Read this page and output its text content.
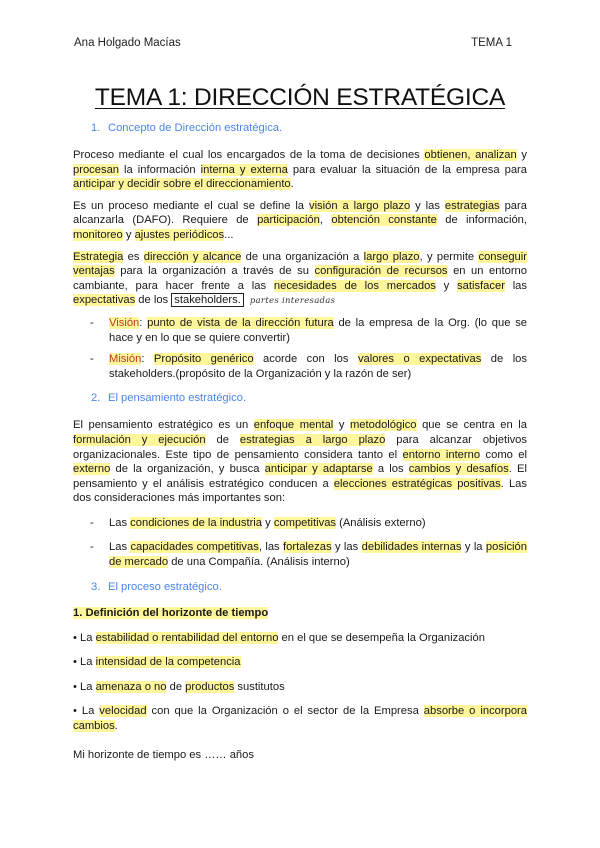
Ana Holgado Macías	TEMA 1
TEMA 1: DIRECCIÓN ESTRATÉGICA
1. Concepto de Dirección estratégica.

Proceso mediante el cual los encargados de la toma de decisiones obtienen, analizan y procesan la información interna y externa para evaluar la situación de la empresa para anticipar y decidir sobre el direccionamiento.

Es un proceso mediante el cual se define la visión a largo plazo y las estrategias para alcanzarla (DAFO). Requiere de participación, obtención constante de información, monitoreo y ajustes periódicos...

Estrategia es dirección y alcance de una organización a largo plazo, y permite conseguir ventajas para la organización a través de su configuración de recursos en un entorno cambiante, para hacer frente a las necesidades de los mercados y satisfacer las expectativas de los stakeholders. partes interesadas

-	Visión: punto de vista de la dirección futura de la empresa de la Org. (lo que se hace y en lo que se quiere convertir)
-	Misión: Propósito genérico acorde con los valores o expectativas de los stakeholders.(propósito de la Organización y la razón de ser)
2. El pensamiento estratégico.

El pensamiento estratégico es un enfoque mental y metodológico que se centra en la formulación y ejecución de estrategias a largo plazo para alcanzar objetivos organizacionales. Este tipo de pensamiento considera tanto el entorno interno como el externo de la organización, y busca anticipar y adaptarse a los cambios y desafíos. El pensamiento y el análisis estratégico conducen a elecciones estratégicas positivas. Las dos consideraciones más importantes son:

-	Las condiciones de la industria y competitivas (Análisis externo)
-	Las capacidades competitivas, las fortalezas y las debilidades internas y la posición de mercado de una Compañía. (Análisis interno)
3. El proceso estratégico.
1. Definición del horizonte de tiempo

• La estabilidad o rentabilidad del entorno en el que se desempeña la Organización

• La intensidad de la competencia

• La amenaza o no de productos sustitutos

• La velocidad con que la Organización o el sector de la Empresa absorbe o incorpora cambios.

Mi horizonte de tiempo es …… años
